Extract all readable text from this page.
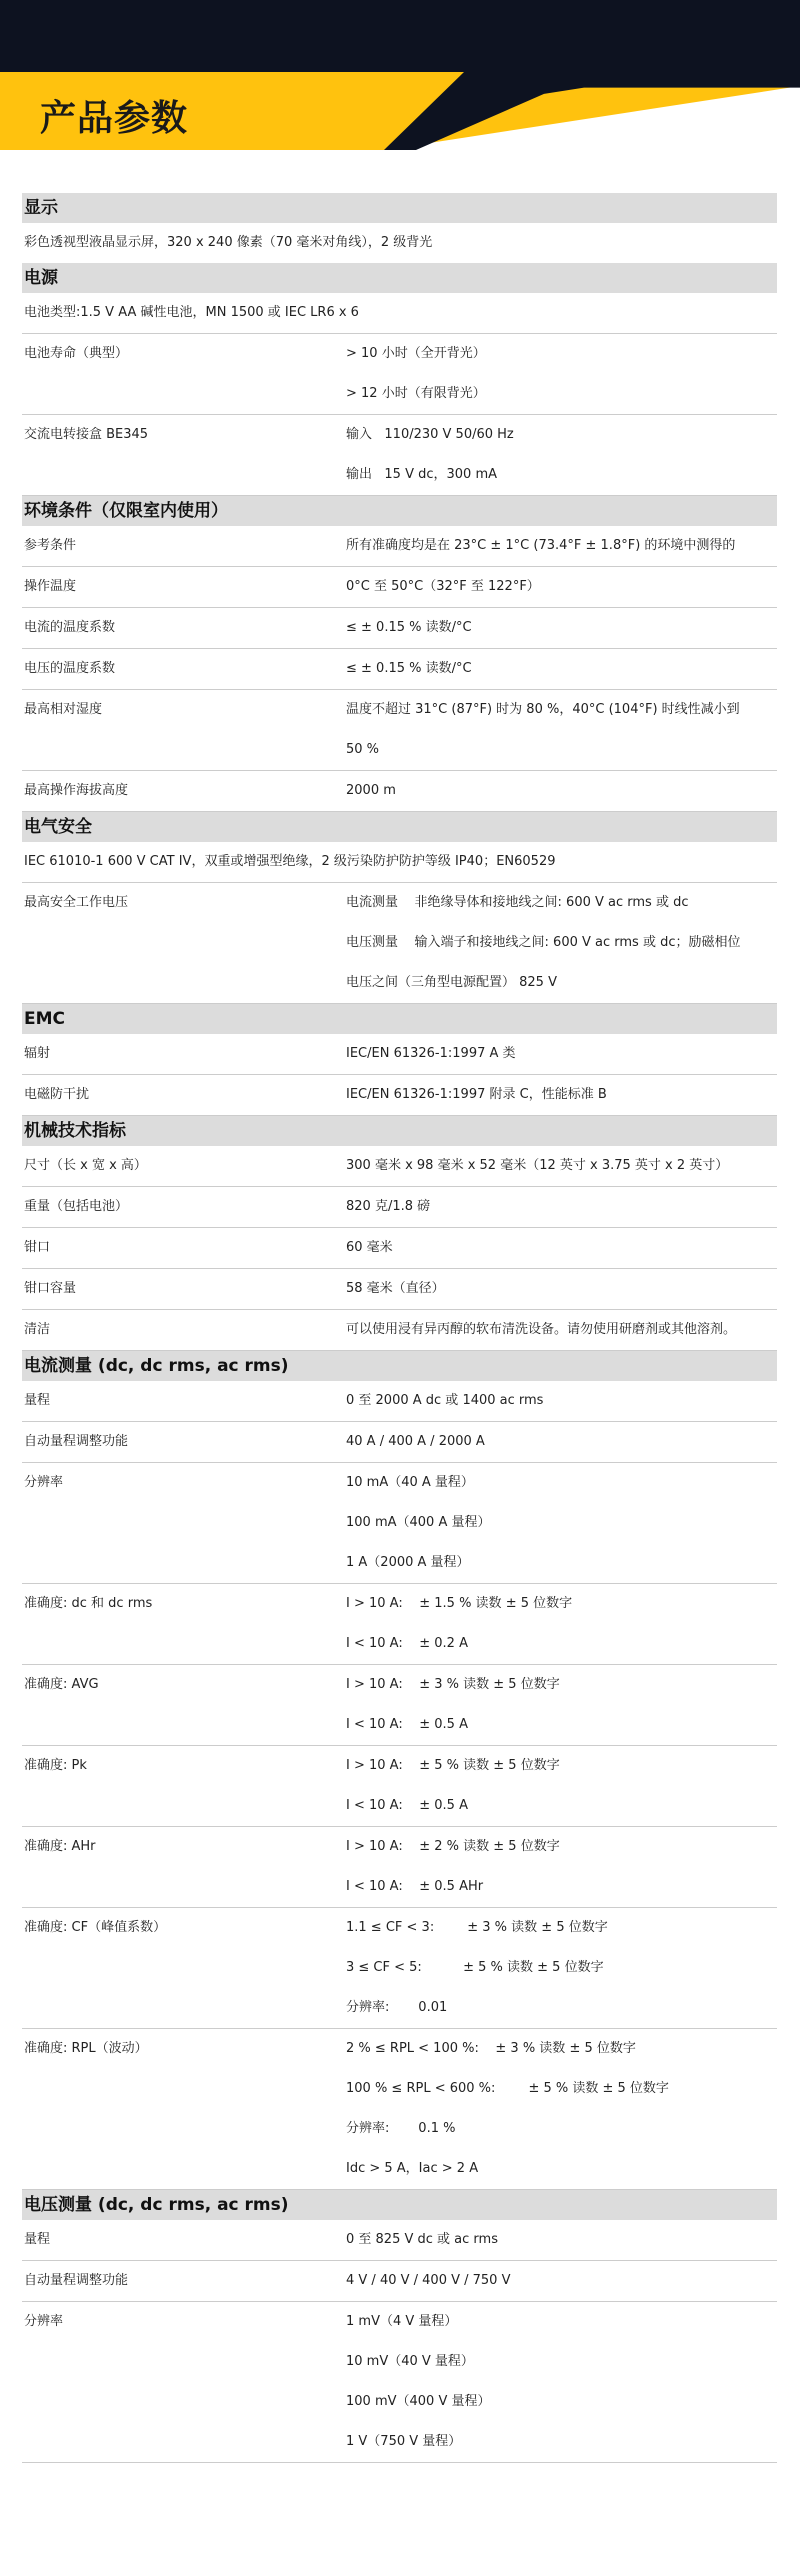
产品参数
显示
彩色透视型液晶显示屏，320 x 240 像素（70 毫米对角线），2 级背光
电源
电池类型:1.5 V AA 碱性电池，MN 1500 或 IEC LR6 x 6
电池寿命（典型）	> 10 小时（全开背光）
> 12 小时（有限背光）
交流电转接盒 BE345	输入   110/230 V 50/60 Hz
输出   15 V dc，300 mA
环境条件（仅限室内使用）
参考条件	所有准确度均是在 23°C ± 1°C (73.4°F ± 1.8°F) 的环境中测得的
操作温度	0°C 至 50°C（32°F 至 122°F）
电流的温度系数	≤ ± 0.15 % 读数/°C
电压的温度系数	≤ ± 0.15 % 读数/°C
最高相对湿度	温度不超过 31°C (87°F) 时为 80 %，40°C (104°F) 时线性减小到
50 %
最高操作海拔高度	2000 m
电气安全
IEC 61010-1 600 V CAT IV，双重或增强型绝缘，2 级污染防护防护等级 IP40；EN60529
最高安全工作电压	电流测量    非绝缘导体和接地线之间: 600 V ac rms 或 dc
电压测量    输入端子和接地线之间: 600 V ac rms 或 dc；励磁相位
电压之间（三角型电源配置） 825 V
EMC
辐射	IEC/EN 61326-1:1997 A 类
电磁防干扰	IEC/EN 61326-1:1997 附录 C，性能标准 B
机械技术指标
尺寸（长 x 宽 x 高）	300 毫米 x 98 毫米 x 52 毫米（12 英寸 x 3.75 英寸 x 2 英寸）
重量（包括电池）	820 克/1.8 磅
钳口	60 毫米
钳口容量	58 毫米（直径）
清洁	可以使用浸有异丙醇的软布清洗设备。请勿使用研磨剂或其他溶剂。
电流测量 (dc, dc rms, ac rms)
量程	0 至 2000 A dc 或 1400 ac rms
自动量程调整功能	40 A / 400 A / 2000 A
分辨率	10 mA（40 A 量程）
100 mA（400 A 量程）
1 A（2000 A 量程）
准确度: dc 和 dc rms	I > 10 A:    ± 1.5 % 读数 ± 5 位数字
I < 10 A:    ± 0.2 A
准确度: AVG	I > 10 A:    ± 3 % 读数 ± 5 位数字
I < 10 A:    ± 0.5 A
准确度: Pk	I > 10 A:    ± 5 % 读数 ± 5 位数字
I < 10 A:    ± 0.5 A
准确度: AHr	I > 10 A:    ± 2 % 读数 ± 5 位数字
I < 10 A:    ± 0.5 AHr
准确度: CF（峰值系数）	1.1 ≤ CF < 3:        ± 3 % 读数 ± 5 位数字
3 ≤ CF < 5:          ± 5 % 读数 ± 5 位数字
分辨率:       0.01
准确度: RPL（波动）	2 % ≤ RPL < 100 %:    ± 3 % 读数 ± 5 位数字
100 % ≤ RPL < 600 %:        ± 5 % 读数 ± 5 位数字
分辨率:       0.1 %
Idc > 5 A，Iac > 2 A
电压测量 (dc, dc rms, ac rms)
量程	0 至 825 V dc 或 ac rms
自动量程调整功能	4 V / 40 V / 400 V / 750 V
分辨率	1 mV（4 V 量程）
10 mV（40 V 量程）
100 mV（400 V 量程）
1 V（750 V 量程）
